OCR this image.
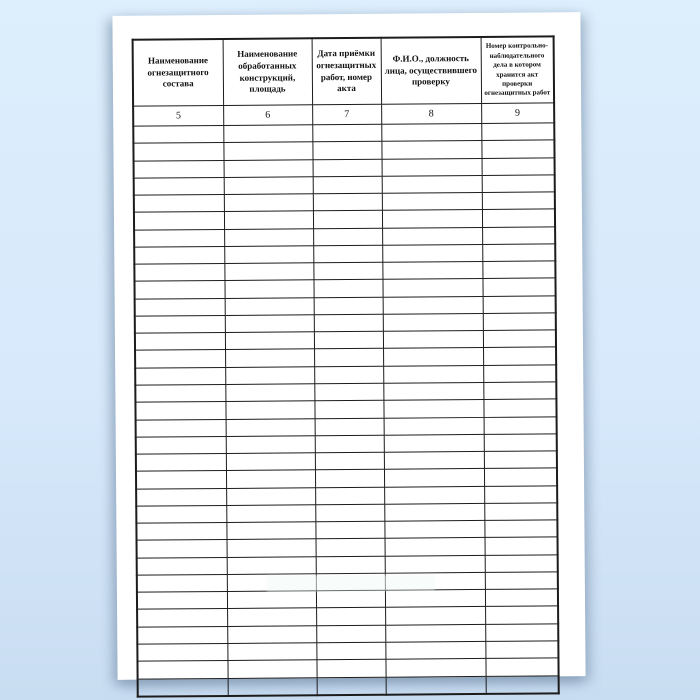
Наименование огнезащитного состава	Наименование обработанных конструкций, площадь	Дата приёмки огнезащитных работ, номер акта	Ф.И.О., должность лица, осуществившего проверку	Номер контрольно-наблюдательного дела в котором хранится акт проверки огнезащитных работ
5	6	7	8	9
